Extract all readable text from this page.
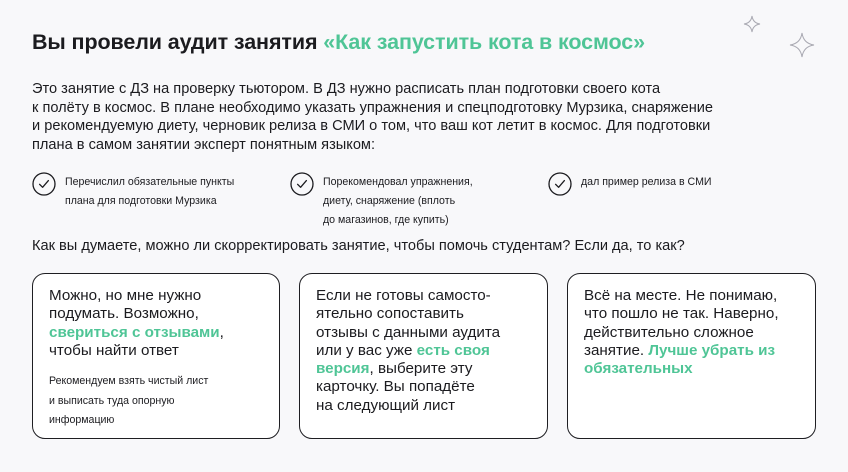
Вы провели аудит занятия «Как запустить кота в космос»

Это занятие с ДЗ на проверку тьютором. В ДЗ нужно расписать план подготовки своего кота
к полёту в космос. В плане необходимо указать упражнения и спецподготовку Мурзика, снаряжение
и рекомендуемую диету, черновик релиза в СМИ о том, что ваш кот летит в космос. Для подготовки
плана в самом занятии эксперт понятным языком:

Перечислил обязательные пункты
плана для подготовки Мурзика
Порекомендовал упражнения,
диету, снаряжение (вплоть
до магазинов, где купить)
дал пример релиза в СМИ

Как вы думаете, можно ли скорректировать занятие, чтобы помочь студентам? Если да, то как?

Можно, но мне нужно
подумать. Возможно,
свериться с отзывами,
чтобы найти ответ
Рекомендуем взять чистый лист
и выписать туда опорную
информацию
Если не готовы самосто-
ятельно сопоставить
отзывы с данными аудита
или у вас уже есть своя
версия, выберите эту
карточку. Вы попадёте
на следующий лист
Всё на месте. Не понимаю,
что пошло не так. Наверно,
действительно сложное
занятие. Лучше убрать из
обязательных
